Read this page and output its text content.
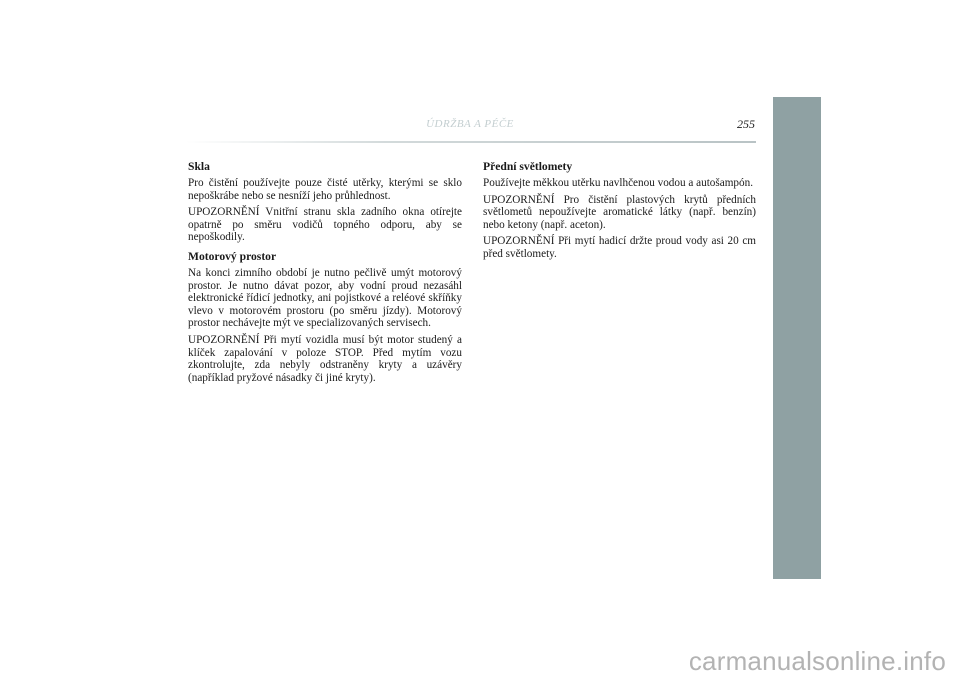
ÚDRŽBA A PÉČE	255
Skla

Pro čistění používejte pouze čisté utěrky, kterými se sklo nepoškrábe nebo se nesníží jeho průhlednost.

UPOZORNĚNÍ Vnitřní stranu skla zadního okna otírejte opatrně po směru vodičů topného odporu, aby se nepoškodily.

Motorový prostor

Na konci zimního období je nutno pečlivě umýt motorový prostor. Je nutno dávat pozor, aby vodní proud nezasáhl elektronické řídicí jednotky, ani pojistkové a reléové skříňky vlevo v motorovém prostoru (po směru jízdy). Motorový prostor nechávejte mýt ve specializovaných servisech.

UPOZORNĚNÍ Při mytí vozidla musí být motor studený a klíček zapalování v poloze STOP. Před mytím vozu zkontrolujte, zda nebyly odstraněny kryty a uzávěry (například pryžové násadky či jiné kryty).

Přední světlomety

Používejte měkkou utěrku navlhčenou vodou a autošampón.

UPOZORNĚNÍ Pro čistění plastových krytů předních světlometů nepoužívejte aromatické látky (např. benzín) nebo ketony (např. aceton).

UPOZORNĚNÍ Při mytí hadicí držte proud vody asi 20 cm před světlomety.

carmanualsonline.info
